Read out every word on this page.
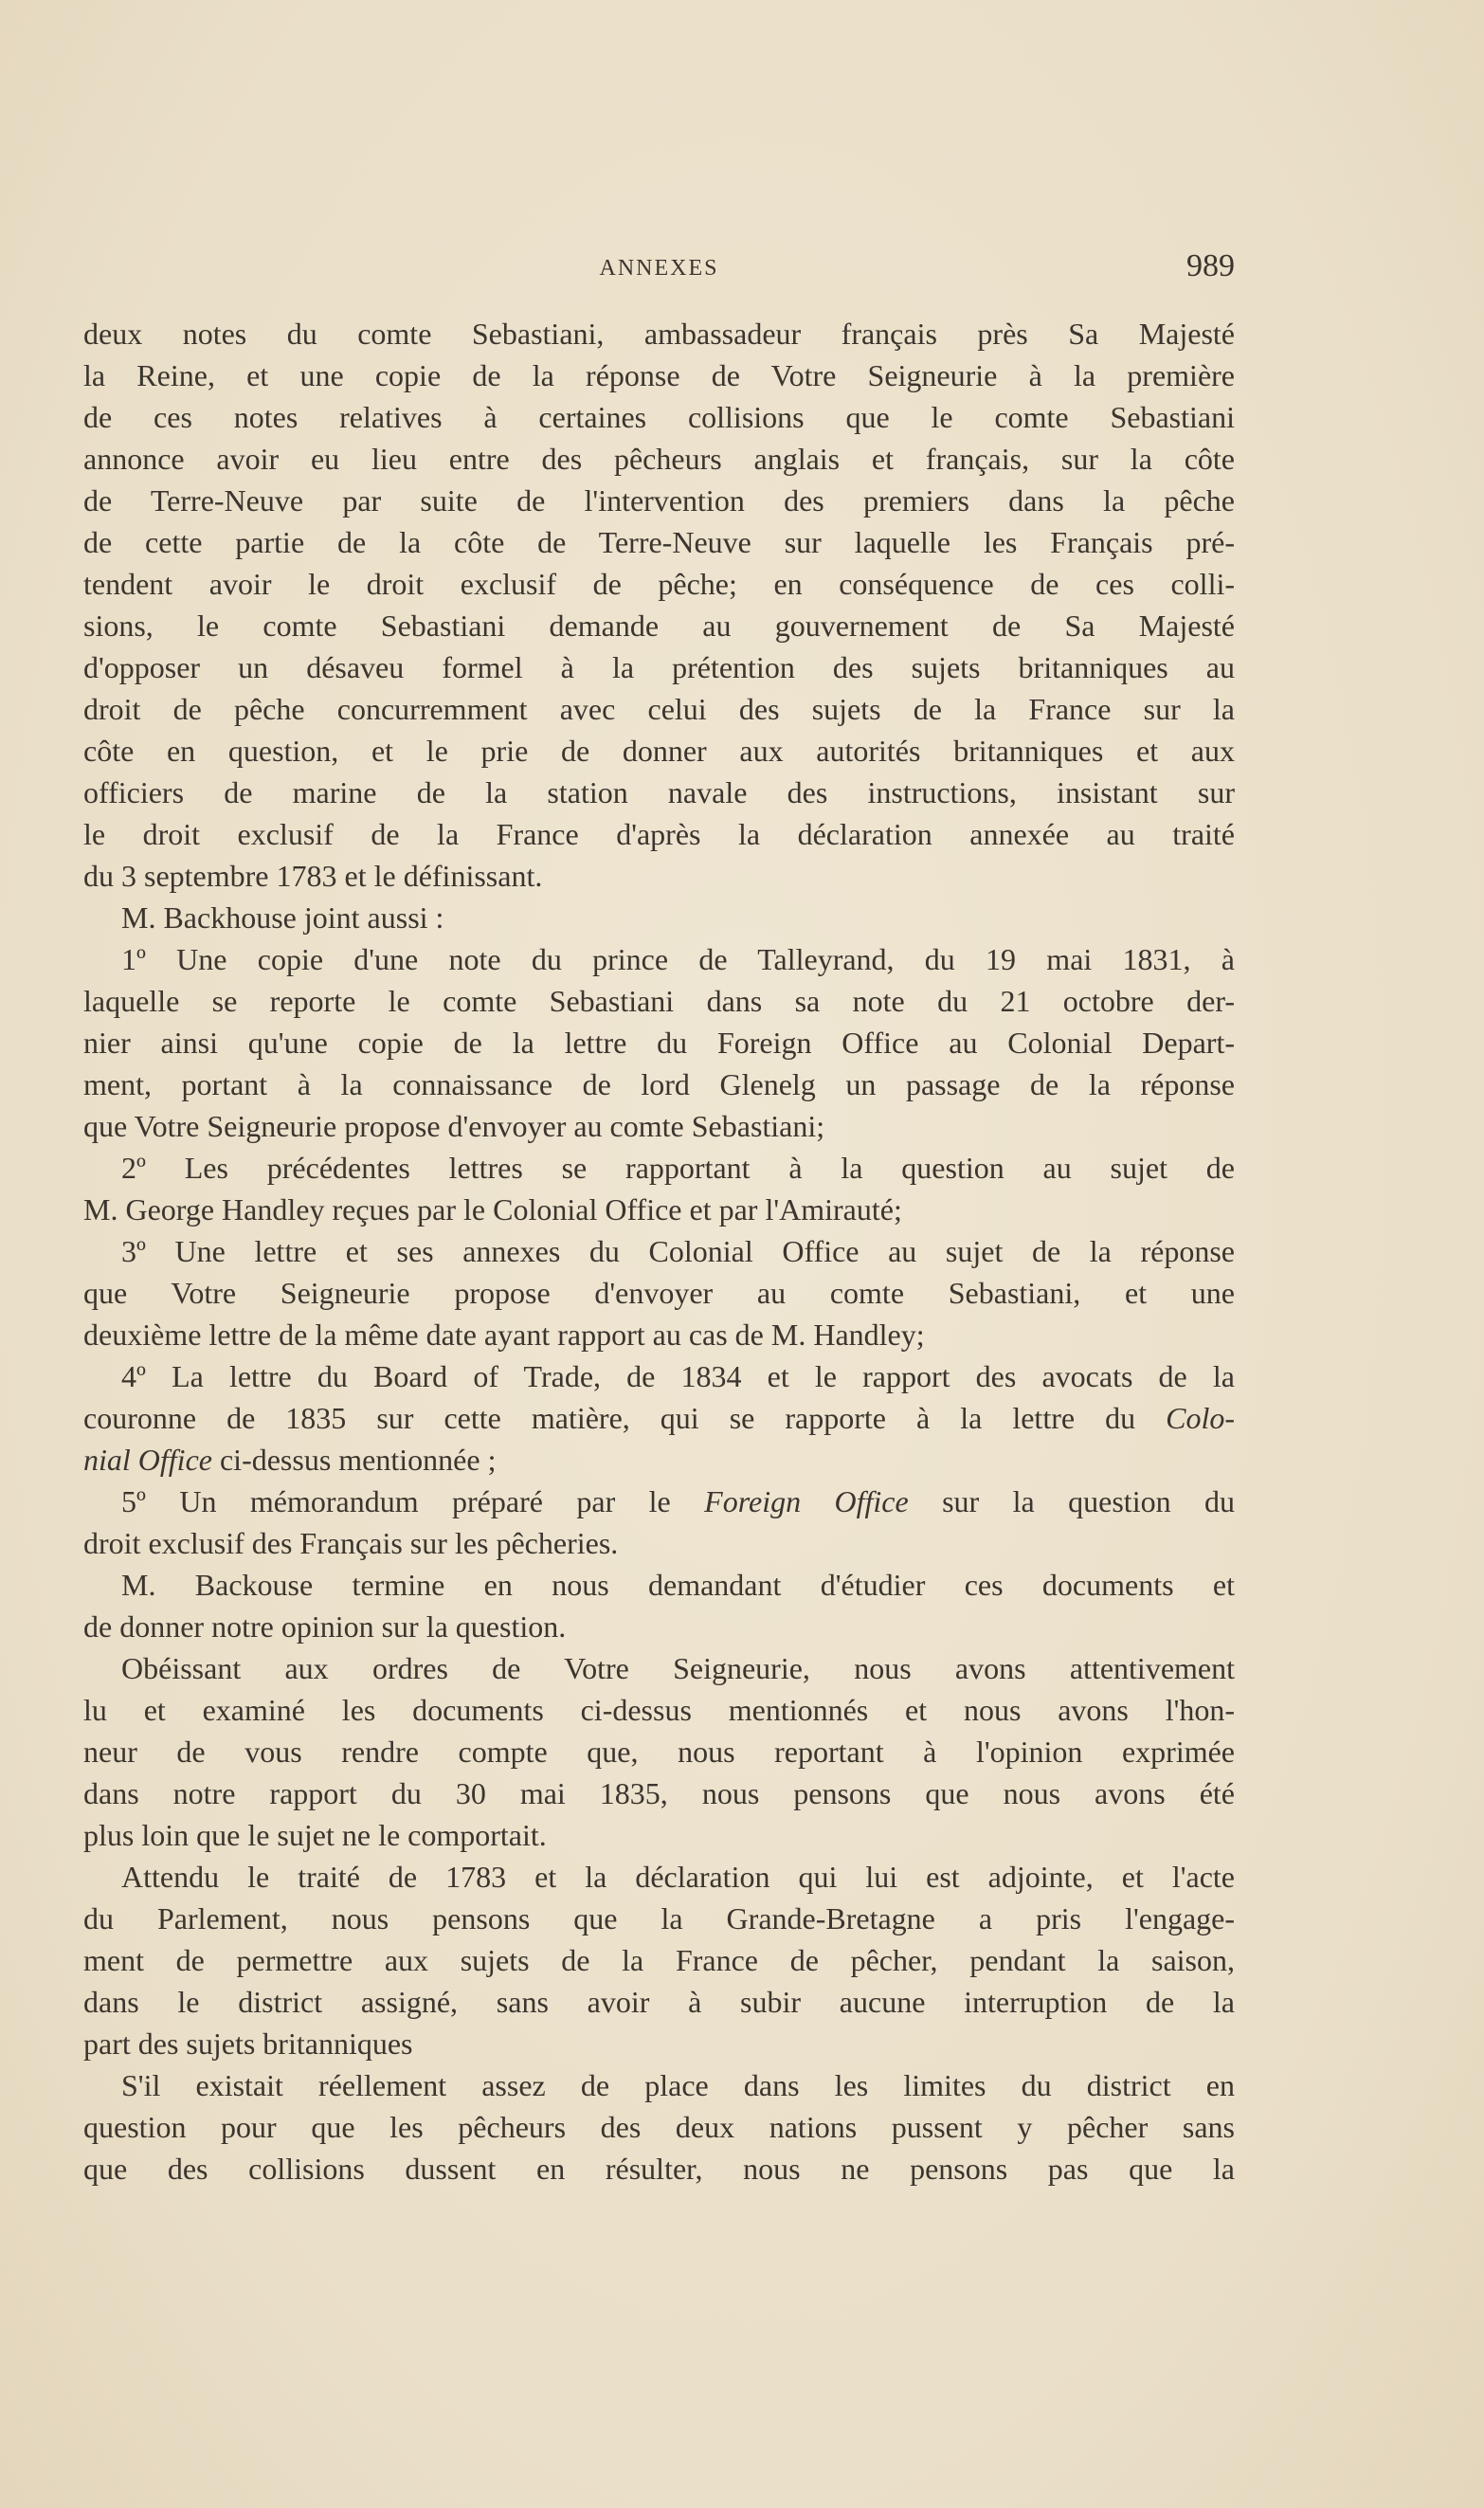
ANNEXES	989
deux notes du comte Sebastiani, ambassadeur français près Sa Majesté
la Reine, et une copie de la réponse de Votre Seigneurie à la première
de ces notes relatives à certaines collisions que le comte Sebastiani
annonce avoir eu lieu entre des pêcheurs anglais et français, sur la côte
de Terre-Neuve par suite de l'intervention des premiers dans la pêche
de cette partie de la côte de Terre-Neuve sur laquelle les Français pré-
tendent avoir le droit exclusif de pêche; en conséquence de ces colli-
sions, le comte Sebastiani demande au gouvernement de Sa Majesté
d'opposer un désaveu formel à la prétention des sujets britanniques au
droit de pêche concurremment avec celui des sujets de la France sur la
côte en question, et le prie de donner aux autorités britanniques et aux
officiers de marine de la station navale des instructions, insistant sur
le droit exclusif de la France d'après la déclaration annexée au traité
du 3 septembre 1783 et le définissant.
M. Backhouse joint aussi :
1º Une copie d'une note du prince de Talleyrand, du 19 mai 1831, à
laquelle se reporte le comte Sebastiani dans sa note du 21 octobre der-
nier ainsi qu'une copie de la lettre du Foreign Office au Colonial Depart-
ment, portant à la connaissance de lord Glenelg un passage de la réponse
que Votre Seigneurie propose d'envoyer au comte Sebastiani;
2º Les précédentes lettres se rapportant à la question au sujet de
M. George Handley reçues par le Colonial Office et par l'Amirauté;
3º Une lettre et ses annexes du Colonial Office au sujet de la réponse
que Votre Seigneurie propose d'envoyer au comte Sebastiani, et une
deuxième lettre de la même date ayant rapport au cas de M. Handley;
4º La lettre du Board of Trade, de 1834 et le rapport des avocats de la
couronne de 1835 sur cette matière, qui se rapporte à la lettre du Colo-
nial Office ci-dessus mentionnée ;
5º Un mémorandum préparé par le Foreign Office sur la question du
droit exclusif des Français sur les pêcheries.
M. Backouse termine en nous demandant d'étudier ces documents et
de donner notre opinion sur la question.
Obéissant aux ordres de Votre Seigneurie, nous avons attentivement
lu et examiné les documents ci-dessus mentionnés et nous avons l'hon-
neur de vous rendre compte que, nous reportant à l'opinion exprimée
dans notre rapport du 30 mai 1835, nous pensons que nous avons été
plus loin que le sujet ne le comportait.
Attendu le traité de 1783 et la déclaration qui lui est adjointe, et l'acte
du Parlement, nous pensons que la Grande-Bretagne a pris l'engage-
ment de permettre aux sujets de la France de pêcher, pendant la saison,
dans le district assigné, sans avoir à subir aucune interruption de la
part des sujets britanniques
S'il existait réellement assez de place dans les limites du district en
question pour que les pêcheurs des deux nations pussent y pêcher sans
que des collisions dussent en résulter, nous ne pensons pas que la
